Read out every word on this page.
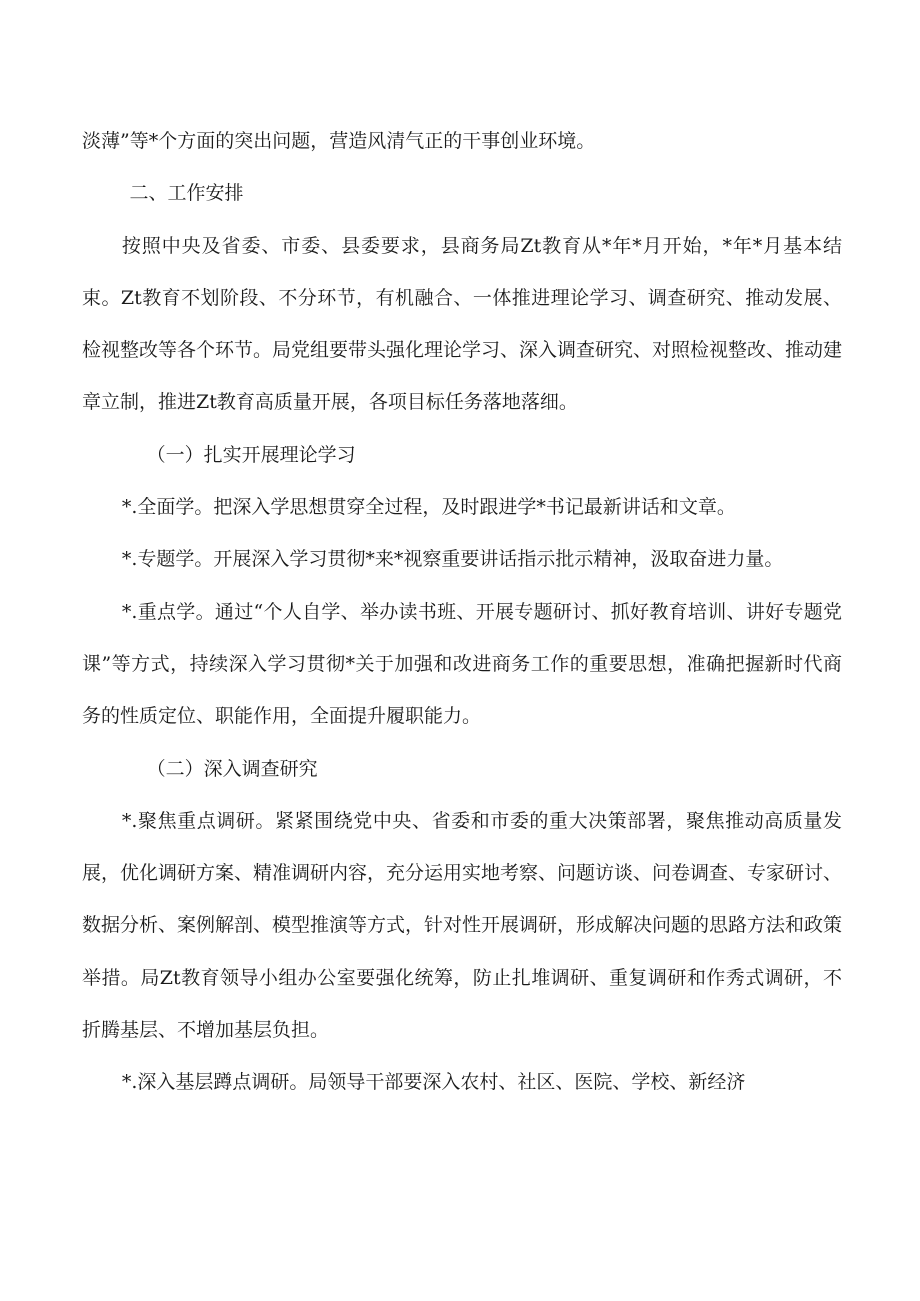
淡薄”等*个方面的突出问题，营造风清气正的干事创业环境。

二、工作安排

按照中央及省委、市委、县委要求，县商务局Zt教育从*年*月开始，*年*月基本结束。Zt教育不划阶段、不分环节，有机融合、一体推进理论学习、调查研究、推动发展、检视整改等各个环节。局党组要带头强化理论学习、深入调查研究、对照检视整改、推动建章立制，推进Zt教育高质量开展，各项目标任务落地落细。

（一）扎实开展理论学习

*.全面学。把深入学思想贯穿全过程，及时跟进学*书记最新讲话和文章。

*.专题学。开展深入学习贯彻*来*视察重要讲话指示批示精神，汲取奋进力量。

*.重点学。通过“个人自学、举办读书班、开展专题研讨、抓好教育培训、讲好专题党课”等方式，持续深入学习贯彻*关于加强和改进商务工作的重要思想，准确把握新时代商务的性质定位、职能作用，全面提升履职能力。

（二）深入调查研究

*.聚焦重点调研。紧紧围绕党中央、省委和市委的重大决策部署，聚焦推动高质量发展，优化调研方案、精准调研内容，充分运用实地考察、问题访谈、问卷调查、专家研讨、数据分析、案例解剖、模型推演等方式，针对性开展调研，形成解决问题的思路方法和政策举措。局Zt教育领导小组办公室要强化统筹，防止扎堆调研、重复调研和作秀式调研，不折腾基层、不增加基层负担。

*.深入基层蹲点调研。局领导干部要深入农村、社区、医院、学校、新经济
